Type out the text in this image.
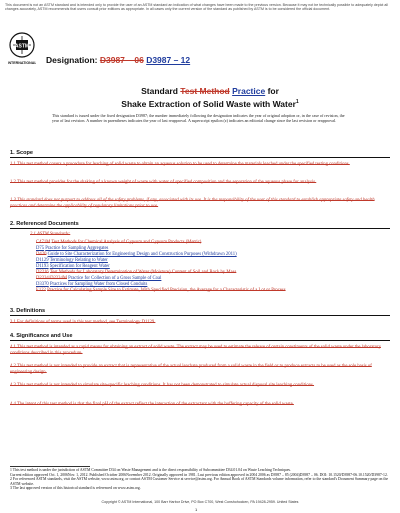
This document is not an ASTM standard and is intended only to provide the user of an ASTM standard an indication of what changes have been made to the previous version. Because it may not be technically possible to adequately depict all changes accurately, ASTM recommends that users consult prior editions as appropriate. In all cases only the current version of the standard as published by ASTM is to be considered the official document.
ASTM
INTERNATIONAL Designation: D3987 – 06 D3987 – 12
Standard Test Method Practice for
Shake Extraction of Solid Waste with Water$^1$
This standard is issued under the fixed designation D3987; the number immediately following the designation indicates the year of original adoption or, in the case of revision, the year of last revision. A number in parentheses indicates the year of last reapproval. A superscript epsilon (ε) indicates an editorial change since the last revision or reapproval.
1. Scope
1.1 This test method covers a procedure for leaching of solid waste to obtain an aqueous solution to be used to determine the materials leached under the specified testing conditions.
1.2 This test method provides for the shaking of a known weight of waste with water of specified composition and the separation of the aqueous phase for analysis.
1.3 This standard does not purport to address all of the safety problems, if any, associated with its use. It is the responsibility of the user of this standard to establish appropriate safety and health practices and determine the applicability of regulatory limitations prior to use.
2. Referenced Documents
2.1 ASTM Standards:
C471M Test Methods for Chemical Analysis of Gypsum and Gypsum Products (Metric)
D75 Practice for Sampling Aggregates
D420 Guide to Site Characterization for Engineering Design and Construction Purposes (Withdrawn 2011)
D1129 Terminology Relating to Water
D1193 Specification for Reagent Water
D2216 Test Methods for Laboratory Determination of Water (Moisture) Content of Soil and Rock by Mass
D2234/D2234M Practice for Collection of a Gross Sample of Coal
D3370 Practices for Sampling Water from Closed Conduits
E122 Practice for Calculating Sample Size to Estimate, With Specified Precision, the Average for a Characteristic of a Lot or Process
3. Definitions
3.1 For definitions of terms used in this test method, see Terminology D1129.
4. Significance and Use
4.1 This test method is intended as a rapid means for obtaining an extract of solid waste. The extract may be used to estimate the release of certain constituents of the solid waste under the laboratory conditions described in this procedure.
4.2 This test method is not intended to provide an extract that is representative of the actual leachate produced from a solid waste in the field or to produce extracts to be used as the sole basis of engineering design.
4.3 This test method is not intended to simulate site-specific leaching conditions. It has not been demonstrated to simulate actual disposal site leaching conditions.
4.4 The intent of this test method is that the final pH of the extract reflect the interaction of the extractant with the buffering capacity of the solid waste.
1 This test method is under the jurisdiction of ASTM Committee D34 on Waste Management and is the direct responsibility of Subcommittee D34.01.04 on Waste Leaching Techniques.
Current edition approved Oct. 1, 2006Nov. 1, 2012. Published October 2006November 2012. Originally approved in 1981. Last previous edition approved in 2004 2006 as D3987 – 85 (2004)D3987 – 06. DOI: 10.1520/D3987-06.10.1520/D3987-12.
2 For referenced ASTM standards, visit the ASTM website, www.astm.org, or contact ASTM Customer Service at service@astm.org. For Annual Book of ASTM Standards volume information, refer to the standard's Document Summary page on the ASTM website.
3 The last approved version of this historical standard is referenced on www.astm.org.
Copyright © ASTM International, 100 Barr Harbor Drive, PO Box C700, West Conshohocken, PA 19428-2959. United States
1
